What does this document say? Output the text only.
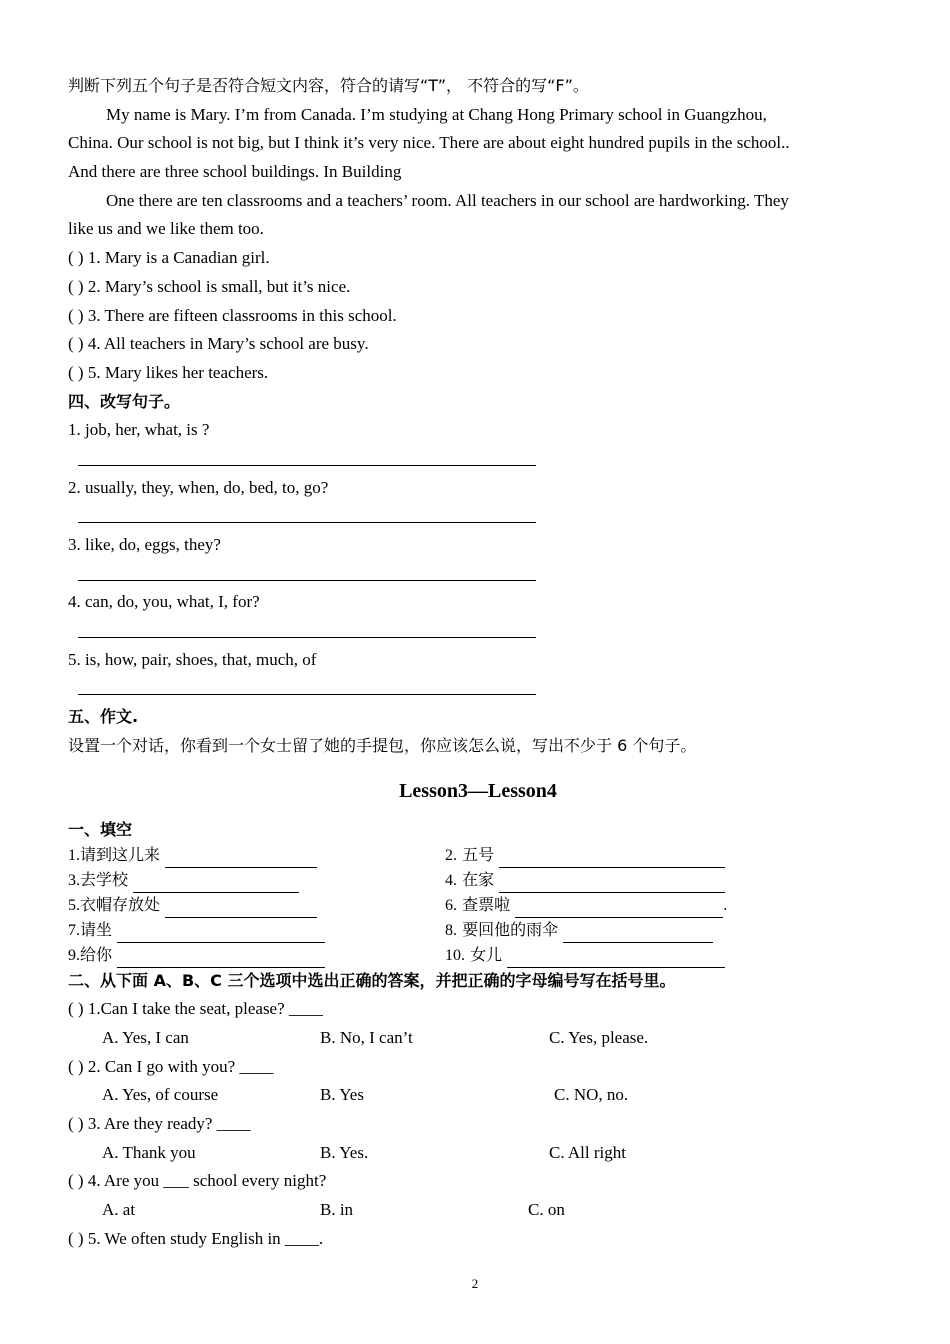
判断下列五个句子是否符合短文内容，符合的请写“T”， 不符合的写“F”。
My name is Mary. I’m from Canada. I’m studying at Chang Hong Primary school in Guangzhou,
China. Our school is not big, but I think it’s very nice. There are about eight hundred pupils in the school..
And there are three school buildings. In Building
One there are ten classrooms and a teachers’ room. All teachers in our school are hardworking. They
like us and we like them too.
( ) 1. Mary is a Canadian girl.
( ) 2. Mary’s school is small, but it’s nice.
( ) 3. There are fifteen classrooms in this school.
( ) 4. All teachers in Mary’s school are busy.
( ) 5. Mary likes her teachers.
四、改写句子。
1. job, her, what, is ?
2. usually, they, when, do, bed, to, go?
3. like, do, eggs, they?
4. can, do, you, what, I, for?
5. is, how, pair, shoes, that, much, of
五、作文.
设置一个对话，你看到一个女士留了她的手提包，你应该怎么说，写出不少于 6 个句子。
Lesson3—Lesson4
一、填空
1.请到这儿来	2. 五号
3.去学校	4. 在家
5.衣帽存放处	6. 查票啦	.
7.请坐	8. 要回他的雨伞
9.给你	10. 女儿
二、从下面 A、B、C 三个选项中选出正确的答案，并把正确的字母编号写在括号里。
( ) 1.Can I take the seat, please? ____
A. Yes, I can	B. No, I can’t	C. Yes, please.
( ) 2. Can I go with you? ____
A. Yes, of course	B. Yes	C. NO, no.
( ) 3. Are they ready? ____
A. Thank you	B. Yes.	C. All right
( ) 4. Are you ___ school every night?
A. at	B. in	C. on
( ) 5. We often study English in ____.
2
